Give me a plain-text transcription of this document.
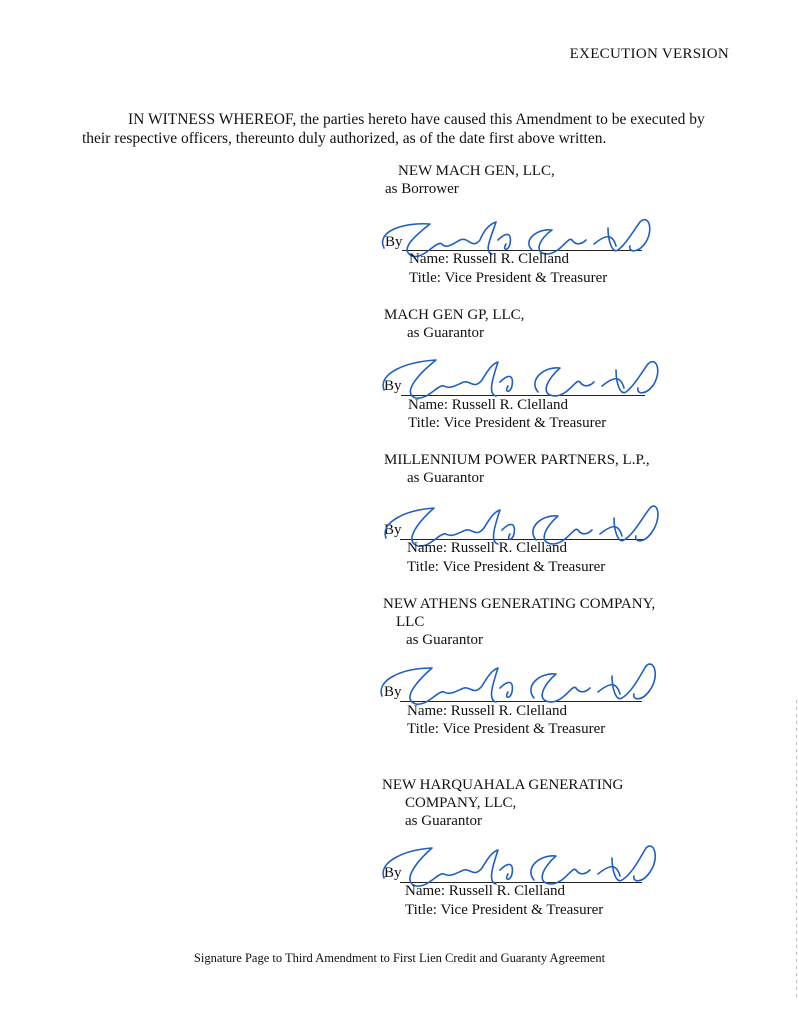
EXECUTION VERSION
IN WITNESS WHEREOF, the parties hereto have caused this Amendment to be executed by their respective officers, thereunto duly authorized, as of the date first above written.
NEW MACH GEN, LLC,
as Borrower
By
Name: Russell R. Clelland
Title: Vice President & Treasurer
MACH GEN GP, LLC,
as Guarantor
By
Name: Russell R. Clelland
Title: Vice President & Treasurer
MILLENNIUM POWER PARTNERS, L.P.,
as Guarantor
By
Name: Russell R. Clelland
Title: Vice President & Treasurer
NEW ATHENS GENERATING COMPANY,
LLC
as Guarantor
By
Name: Russell R. Clelland
Title: Vice President & Treasurer
NEW HARQUAHALA GENERATING
COMPANY, LLC,
as Guarantor
By
Name: Russell R. Clelland
Title: Vice President & Treasurer
Signature Page to Third Amendment to First Lien Credit and Guaranty Agreement
